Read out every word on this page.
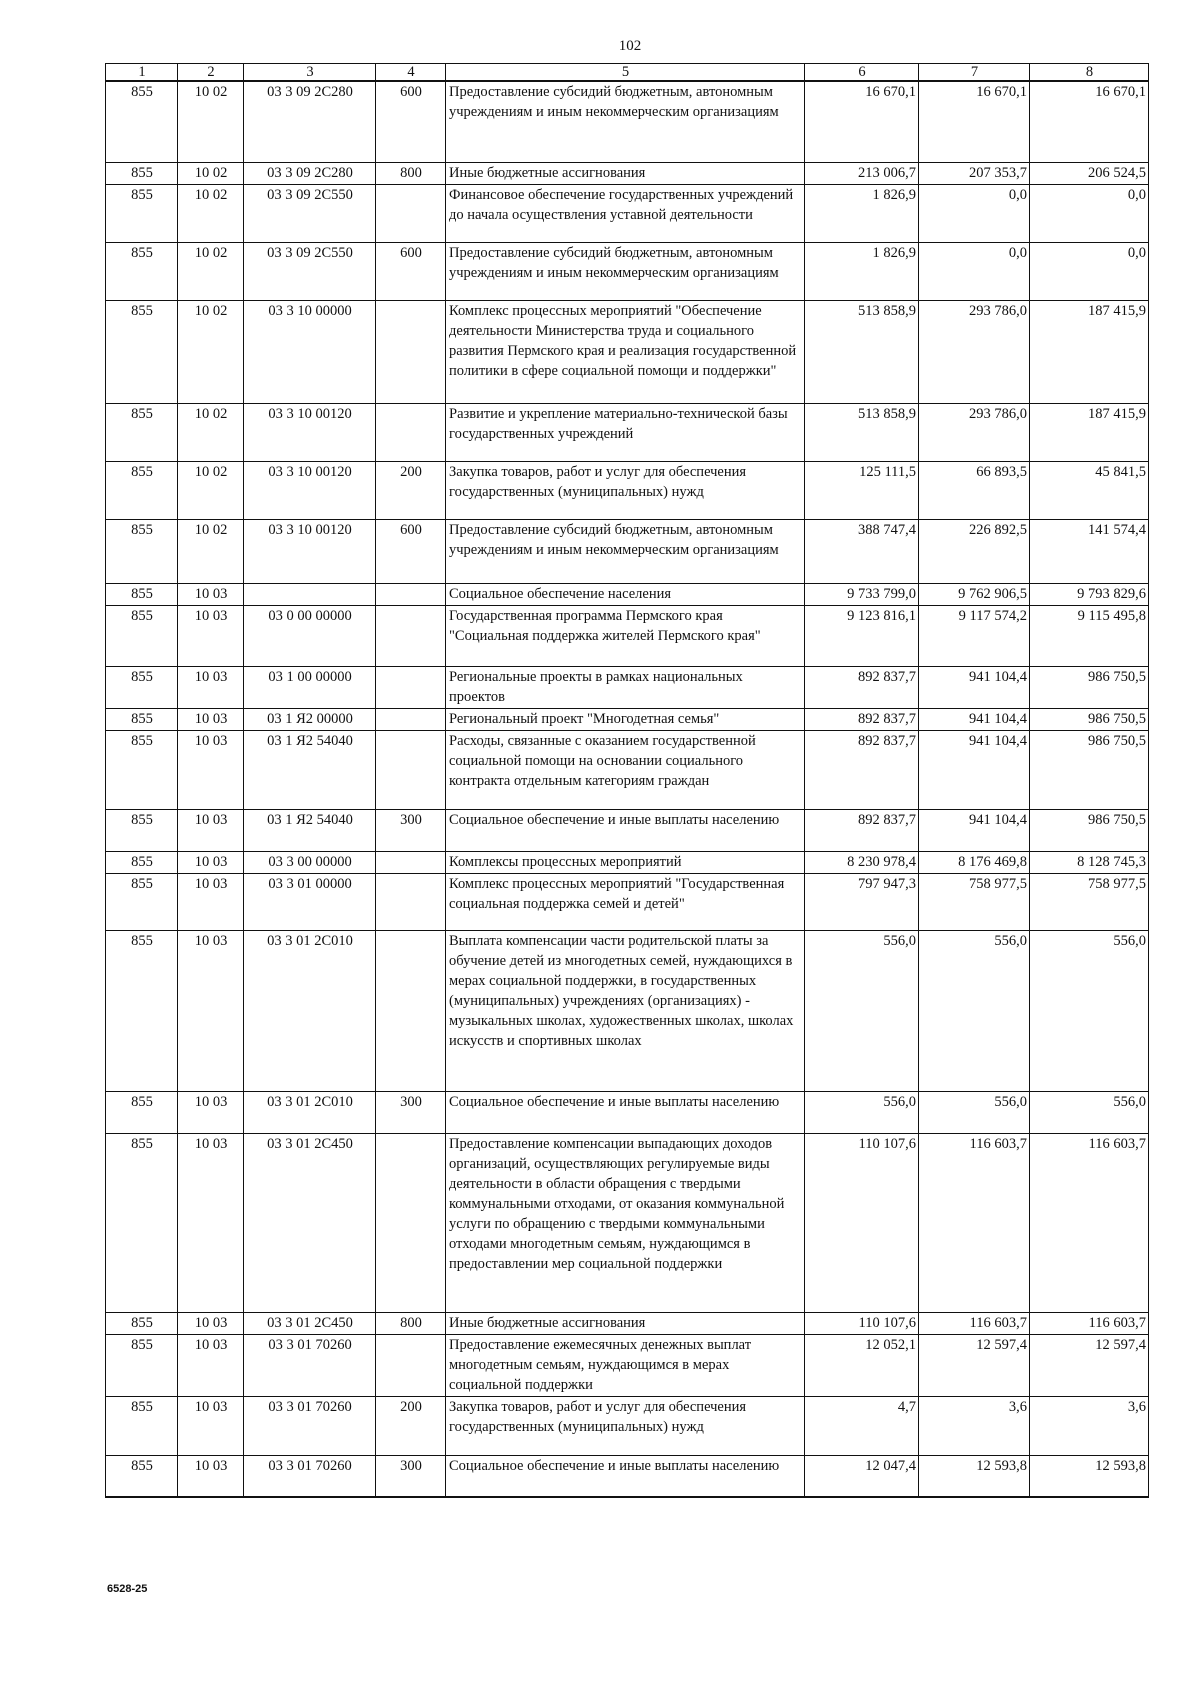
102
1	2	3	4	5	6	7	8
855	10 02	03 3 09 2С280	600	Предоставление субсидий бюджетным, автономным учреждениям и иным некоммерческим организациям	16 670,1	16 670,1	16 670,1
855	10 02	03 3 09 2С280	800	Иные бюджетные ассигнования	213 006,7	207 353,7	206 524,5
855	10 02	03 3 09 2С550		Финансовое обеспечение государственных учреждений до начала осуществления уставной деятельности	1 826,9	0,0	0,0
855	10 02	03 3 09 2С550	600	Предоставление субсидий бюджетным, автономным учреждениям и иным некоммерческим организациям	1 826,9	0,0	0,0
855	10 02	03 3 10 00000		Комплекс процессных мероприятий "Обеспечение деятельности Министерства труда и социального развития Пермского края и реализация государственной политики в сфере социальной помощи и поддержки"	513 858,9	293 786,0	187 415,9
855	10 02	03 3 10 00120		Развитие и укрепление материально-технической базы государственных учреждений	513 858,9	293 786,0	187 415,9
855	10 02	03 3 10 00120	200	Закупка товаров, работ и услуг для обеспечения государственных (муниципальных) нужд	125 111,5	66 893,5	45 841,5
855	10 02	03 3 10 00120	600	Предоставление субсидий бюджетным, автономным учреждениям и иным некоммерческим организациям	388 747,4	226 892,5	141 574,4
855	10 03			Социальное обеспечение населения	9 733 799,0	9 762 906,5	9 793 829,6
855	10 03	03 0 00 00000		Государственная программа Пермского края "Социальная поддержка жителей Пермского края"	9 123 816,1	9 117 574,2	9 115 495,8
855	10 03	03 1 00 00000		Региональные проекты в рамках национальных проектов	892 837,7	941 104,4	986 750,5
855	10 03	03 1 Я2 00000		Региональный проект "Многодетная семья"	892 837,7	941 104,4	986 750,5
855	10 03	03 1 Я2 54040		Расходы, связанные с оказанием государственной социальной помощи на основании социального контракта отдельным категориям граждан	892 837,7	941 104,4	986 750,5
855	10 03	03 1 Я2 54040	300	Социальное обеспечение и иные выплаты населению	892 837,7	941 104,4	986 750,5
855	10 03	03 3 00 00000		Комплексы процессных мероприятий	8 230 978,4	8 176 469,8	8 128 745,3
855	10 03	03 3 01 00000		Комплекс процессных мероприятий "Государственная социальная поддержка семей и детей"	797 947,3	758 977,5	758 977,5
855	10 03	03 3 01 2С010		Выплата компенсации части родительской платы за обучение детей из многодетных семей, нуждающихся в мерах социальной поддержки, в государственных (муниципальных) учреждениях (организациях) - музыкальных школах, художественных школах, школах искусств и спортивных школах	556,0	556,0	556,0
855	10 03	03 3 01 2С010	300	Социальное обеспечение и иные выплаты населению	556,0	556,0	556,0
855	10 03	03 3 01 2С450		Предоставление компенсации выпадающих доходов организаций, осуществляющих регулируемые виды деятельности в области обращения с твердыми коммунальными отходами, от оказания коммунальной услуги по обращению с твердыми коммунальными отходами многодетным семьям, нуждающимся в предоставлении мер социальной поддержки	110 107,6	116 603,7	116 603,7
855	10 03	03 3 01 2С450	800	Иные бюджетные ассигнования	110 107,6	116 603,7	116 603,7
855	10 03	03 3 01 70260		Предоставление ежемесячных денежных выплат многодетным семьям, нуждающимся в мерах социальной поддержки	12 052,1	12 597,4	12 597,4
855	10 03	03 3 01 70260	200	Закупка товаров, работ и услуг для обеспечения государственных (муниципальных) нужд	4,7	3,6	3,6
855	10 03	03 3 01 70260	300	Социальное обеспечение и иные выплаты населению	12 047,4	12 593,8	12 593,8
6528-25
